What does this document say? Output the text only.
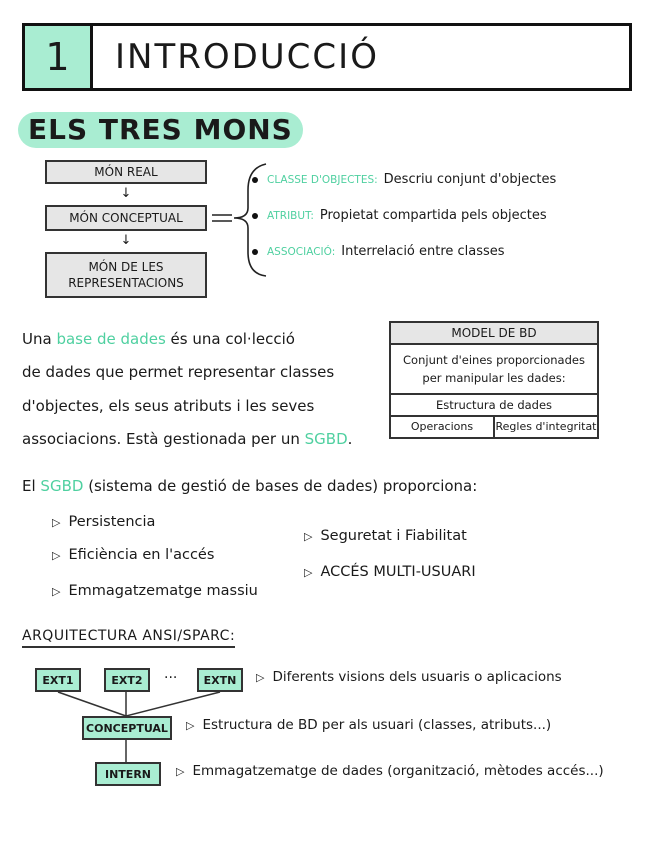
1	INTRODUCCIÓ
ELS TRES MONS
MÓN REAL
↓
MÓN CONCEPTUAL
↓
MÓN DE LES
REPRESENTACIONS
CLASSE D'OBJECTES: Descriu conjunt d'objectes
ATRIBUT: Propietat compartida pels objectes
ASSOCIACIÓ: Interrelació entre classes
Una base de dades és una col·lecció
de dades que permet representar classes
d'objectes, els seus atributs i les seves
associacions. Està gestionada per un SGBD.
MODEL DE BD
Conjunt d'eines proporcionades
per manipular les dades:
Estructura de dades
Operacions	Regles d'integritat
El SGBD (sistema de gestió de bases de dades) proporciona:
▷ Persistencia
▷ Eficiència en l'accés
▷ Emmagatzematge massiu
▷ Seguretat i Fiabilitat
▷ ACCÉS MULTI-USUARI
ARQUITECTURA ANSI/SPARC:
EXT1	EXT2	···	EXTN
CONCEPTUAL
INTERN
▷ Diferents visions dels usuaris o aplicacions
▷ Estructura de BD per als usuari (classes, atributs...)
▷ Emmagatzematge de dades (organització, mètodes accés...)
